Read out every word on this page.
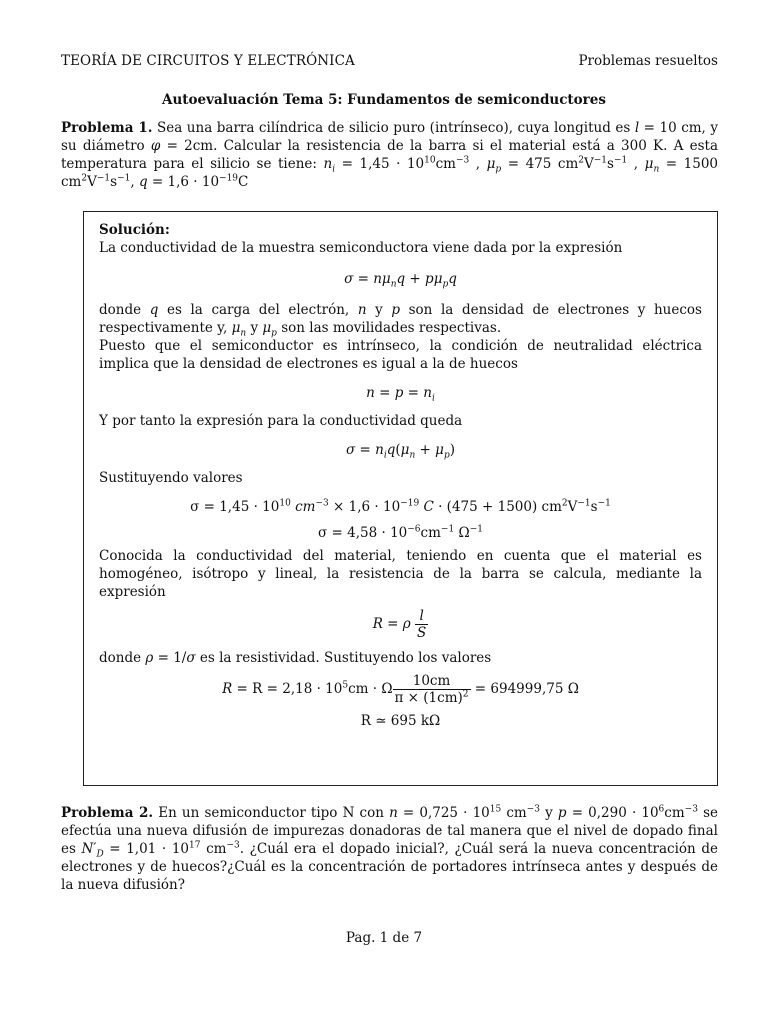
TEORÍA DE CIRCUITOS Y ELECTRÓNICA	Problemas resueltos
Autoevaluación Tema 5: Fundamentos de semiconductores
Problema 1. Sea una barra cilíndrica de silicio puro (intrínseco), cuya longitud es l = 10 cm, y su diámetro φ = 2cm. Calcular la resistencia de la barra si el material está a 300 K. A esta temperatura para el silicio se tiene: $n_i = 1,45 \cdot 10^{10}cm^{-3}$ , $\mu_p = 475$ $cm^2V^{-1}s^{-1}$ , $\mu_n = 1500$ $cm^2V^{-1}s^{-1}$, $q = 1,6 \cdot 10^{-19}C$

Solución:

La conductividad de la muestra semiconductora viene dada por la expresión

$\sigma = n\mu_nq + p\mu_pq$

donde q es la carga del electrón, n y p son la densidad de electrones y huecos respectivamente y, $\mu_n$ y $\mu_p$ son las movilidades respectivas.

Puesto que el semiconductor es intrínseco, la condición de neutralidad eléctrica implica que la densidad de electrones es igual a la de huecos

$n = p = n_i$

Y por tanto la expresión para la conductividad queda

$\sigma = n_iq(\mu_n + \mu_p)$

Sustituyendo valores

$\sigma = 1,45 \cdot 10^{10}$ $cm^{-3} \times 1,6 \cdot 10^{-19}$ C · (475 + 1500) $cm^2V^{-1}s^{-1}$

$\sigma = 4,58 \cdot 10^{-6}cm^{-1}$ $\Omega^{-1}$

Conocida la conductividad del material, teniendo en cuenta que el material es homogéneo, isótropo y lineal, la resistencia de la barra se calcula, mediante la expresión

R = ρ $\frac{l}{S}$

donde ρ = 1/σ es la resistividad. Sustituyendo los valores

$R = R = 2,18 \cdot 10^5cm \cdot \Omega \frac{10cm}{\pi \times (1cm)^2} = 694999,75$ Ω

R ≃ 695 kΩ

Problema 2. En un semiconductor tipo N con $n = 0,725 \cdot 10^{15}$ $cm^{-3}$ y $p = 0,290 \cdot 10^6cm^{-3}$ se efectúa una nueva difusión de impurezas donadoras de tal manera que el nivel de dopado final es $N'_D = 1,01 \cdot 10^{17}$ $cm^{-3}$. ¿Cuál era el dopado inicial?, ¿Cuál será la nueva concentración de electrones y de huecos?¿Cuál es la concentración de portadores intrínseca antes y después de la nueva difusión?
Pag. 1 de 7
